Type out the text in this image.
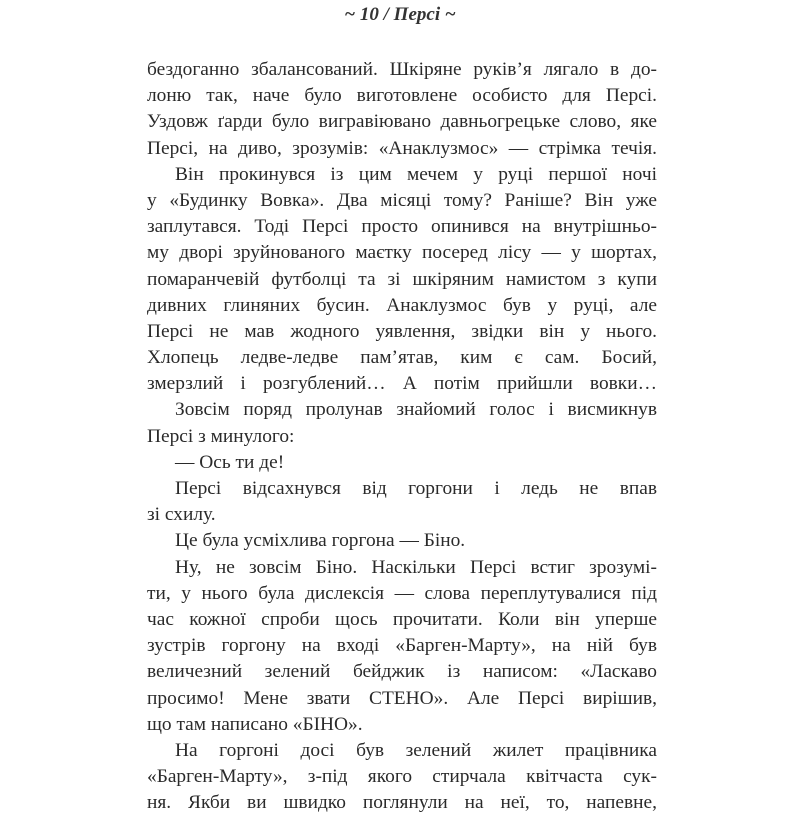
~ 10 / Персі ~
бездоганно збалансований. Шкіряне руків’я лягало в до-
лоню так, наче було виготовлене особисто для Персі.
Уздовж ґарди було вигравіювано давньогрецьке слово, яке
Персі, на диво, зрозумів: «Анаклузмос» — стрімка течія.
Він прокинувся із цим мечем у руці першої ночі
у «Будинку Вовка». Два місяці тому? Раніше? Він уже
заплутався. Тоді Персі просто опинився на внутрішньо-
му дворі зруйнованого маєтку посеред лісу — у шортах,
помаранчевій футболці та зі шкіряним намистом з купи
дивних глиняних бусин. Анаклузмос був у руці, але
Персі не мав жодного уявлення, звідки він у нього.
Хлопець ледве-ледве пам’ятав, ким є сам. Босий,
змерзлий і розгублений… А потім прийшли вовки…
Зовсім поряд пролунав знайомий голос і висмикнув
Персі з минулого:
— Ось ти де!
Персі відсахнувся від горгони і ледь не впав
зі схилу.
Це була усміхлива горгона — Біно.
Ну, не зовсім Біно. Наскільки Персі встиг зрозумі-
ти, у нього була дислексія — слова переплутувалися під
час кожної спроби щось прочитати. Коли він уперше
зустрів горгону на вході «Барген-Марту», на ній був
величезний зелений бейджик із написом: «Ласкаво
просимо! Мене звати СТЕНО». Але Персі вирішив,
що там написано «БІНО».
На горгоні досі був зелений жилет працівника
«Барген-Марту», з-під якого стирчала квітчаста сук-
ня. Якби ви швидко поглянули на неї, то, напевне,
